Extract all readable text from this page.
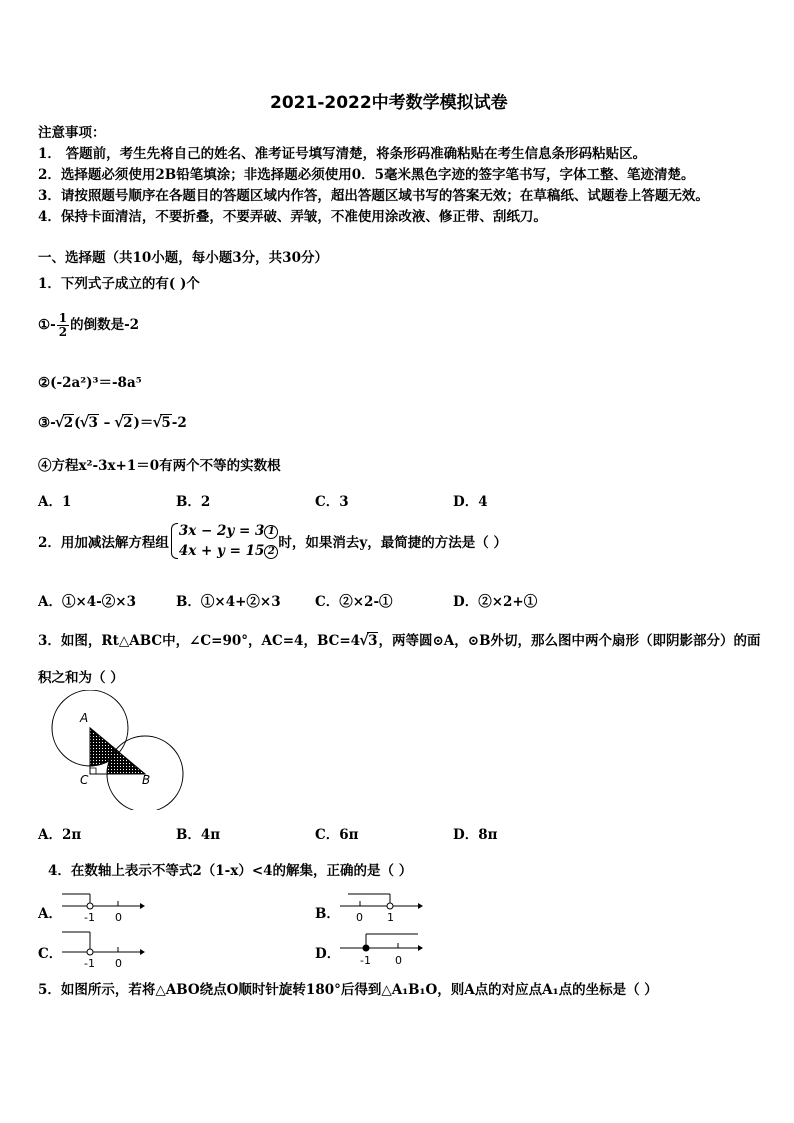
2021-2022中考数学模拟试卷
注意事项：
1． 答题前，考生先将自己的姓名、准考证号填写清楚，将条形码准确粘贴在考生信息条形码粘贴区。
2．选择题必须使用2B铅笔填涂；非选择题必须使用0．5毫米黑色字迹的签字笔书写，字体工整、笔迹清楚。
3．请按照题号顺序在各题目的答题区域内作答，超出答题区域书写的答案无效；在草稿纸、试题卷上答题无效。
4．保持卡面清洁，不要折叠，不要弄破、弄皱，不准使用涂改液、修正带、刮纸刀。
一、选择题（共10小题，每小题3分，共30分）
1．下列式子成立的有( )个
①- $\frac{1}{2}$ 的倒数是-2
②(-2a²)³＝-8a⁵
③- √ 2( √ 3 – √ 2)＝ √ 5-2
④方程x²-3x+1＝0有两个不等的实数根
A．1	B．2	C．3	D．4
2．用加减法解方程组
3x − 2y = 3 1
4x + y = 15 2 时，如果消去y，最简捷的方法是（ ）
A．①×4-②×3	B．①×4+②×3	C．②×2-①	D．②×2+①
3．如图，Rt△ABC中，∠C=90°，AC=4，BC=4 √ 3，两等圆⊙A，⊙B外切，那么图中两个扇形（即阴影部分）的面
积之和为（ ）
A
C	B
A．2π	B．4π	C．6π	D．8π
4．在数轴上表示不等式2（1-x）<4的解集，正确的是（ ）
A． -1 0	B． 0 1
C．
-1 0
D． -1 0
5．如图所示，若将△ABO绕点O顺时针旋转180°后得到△A₁B₁O，则A点的对应点A₁点的坐标是（ ）
